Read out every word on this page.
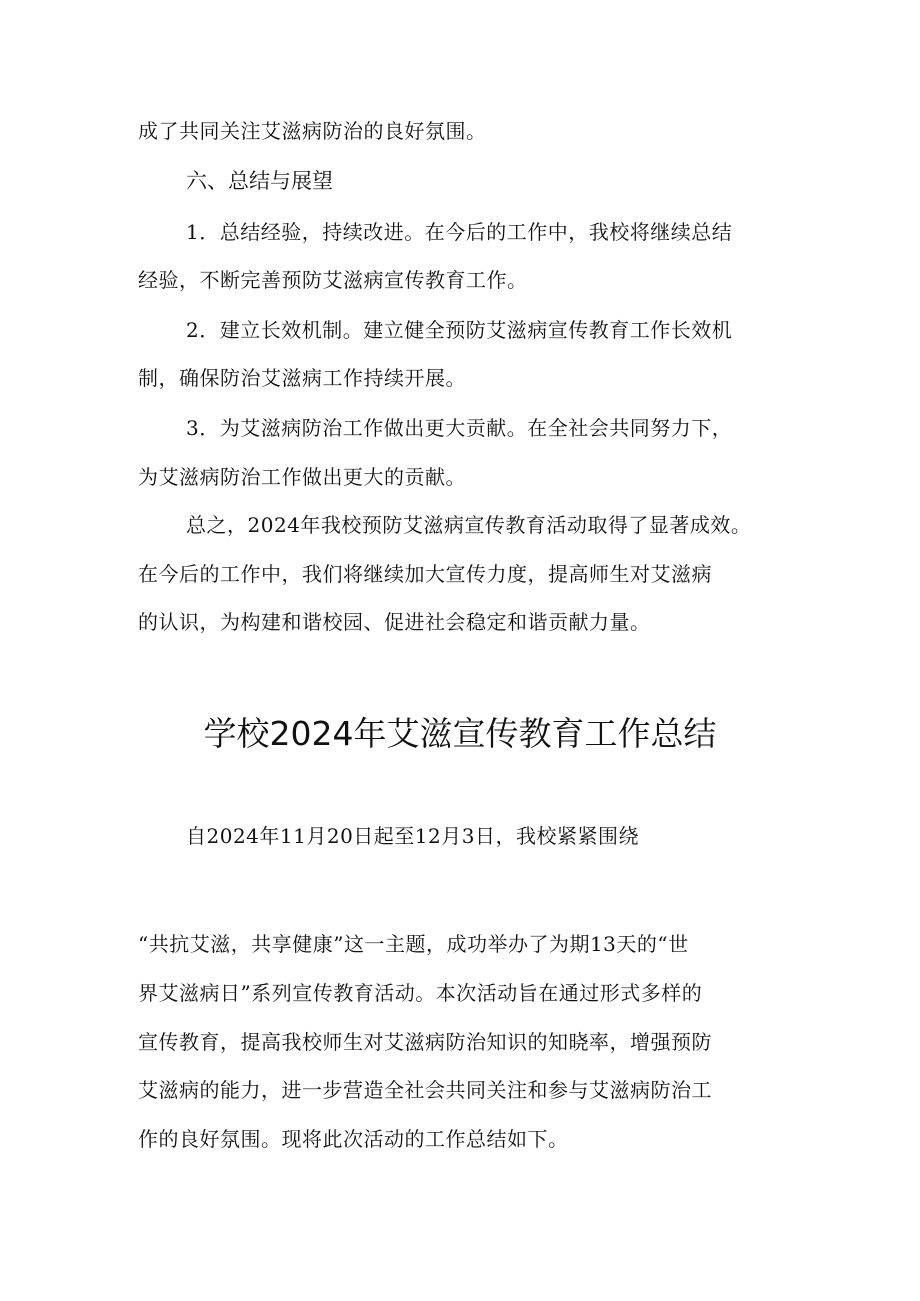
成了共同关注艾滋病防治的良好氛围。
六、总结与展望
1．总结经验，持续改进。在今后的工作中，我校将继续总结
经验，不断完善预防艾滋病宣传教育工作。
2．建立长效机制。建立健全预防艾滋病宣传教育工作长效机
制，确保防治艾滋病工作持续开展。
3．为艾滋病防治工作做出更大贡献。在全社会共同努力下，
为艾滋病防治工作做出更大的贡献。
总之，2024年我校预防艾滋病宣传教育活动取得了显著成效。
在今后的工作中，我们将继续加大宣传力度，提高师生对艾滋病
的认识，为构建和谐校园、促进社会稳定和谐贡献力量。
学校2024年艾滋宣传教育工作总结
自2024年11月20日起至12月3日，我校紧紧围绕
“共抗艾滋，共享健康”这一主题，成功举办了为期13天的“世
界艾滋病日”系列宣传教育活动。本次活动旨在通过形式多样的
宣传教育，提高我校师生对艾滋病防治知识的知晓率，增强预防
艾滋病的能力，进一步营造全社会共同关注和参与艾滋病防治工
作的良好氛围。现将此次活动的工作总结如下。
